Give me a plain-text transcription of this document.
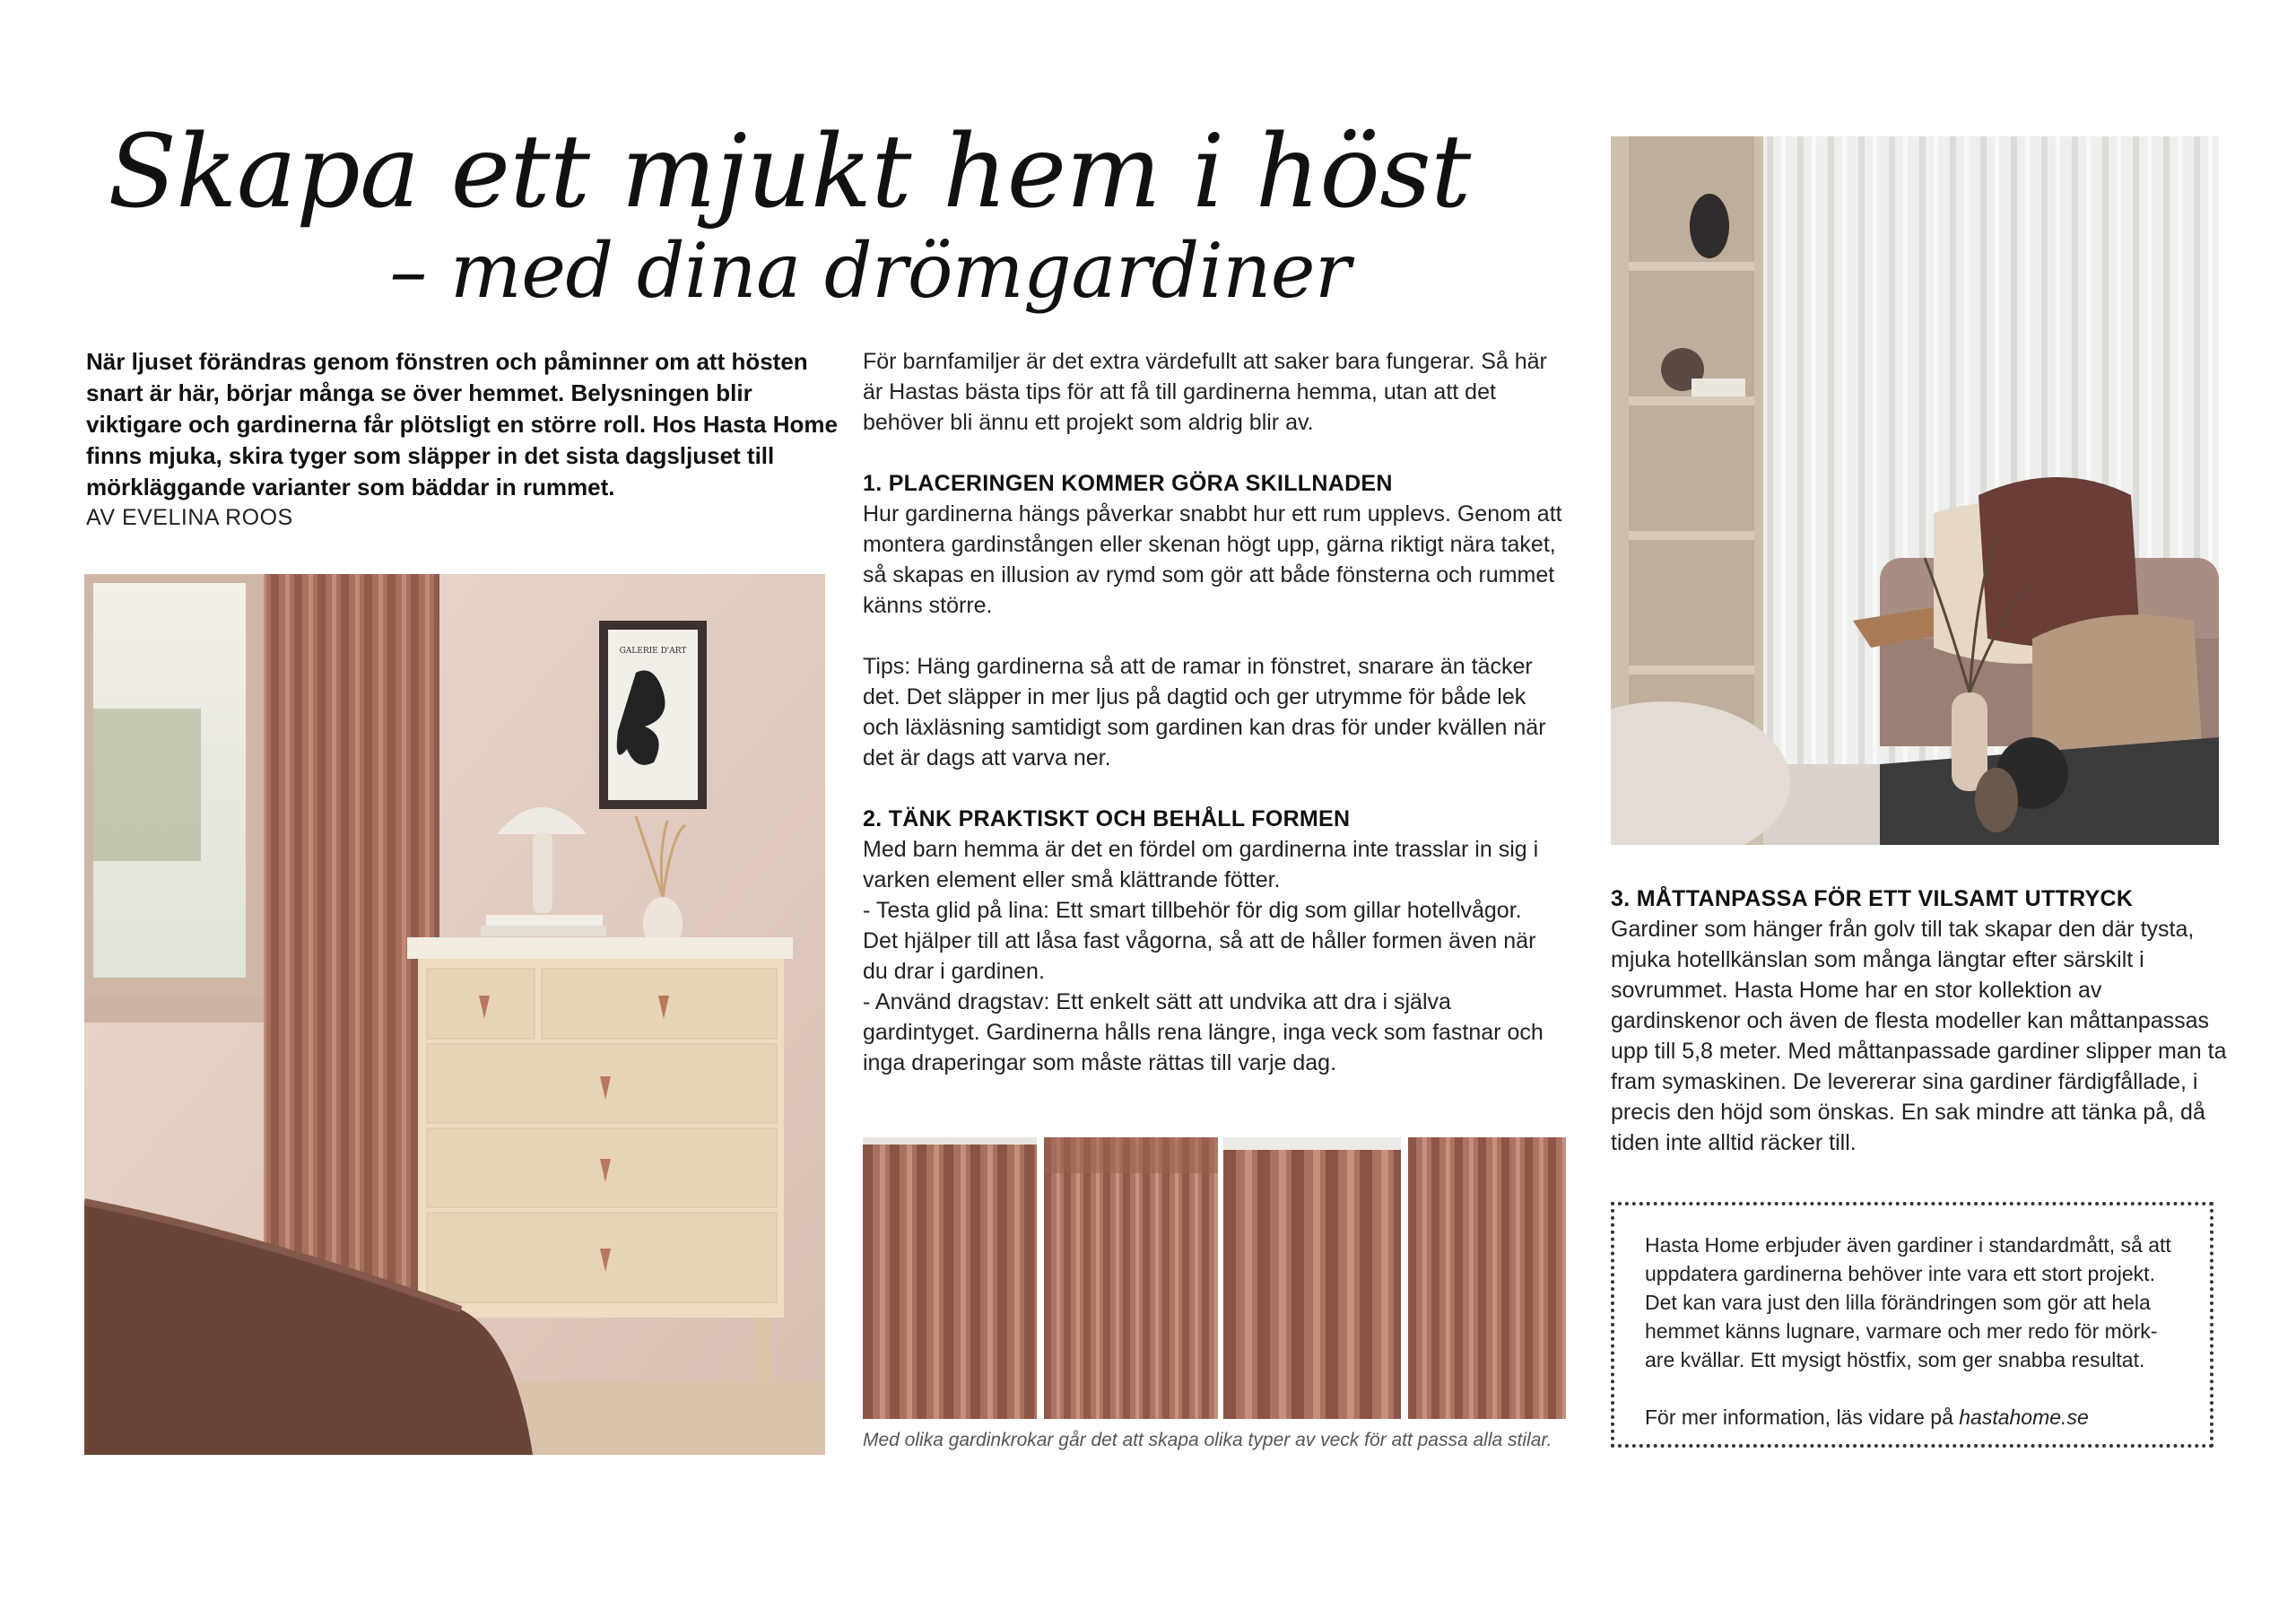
Skapa ett mjukt hem i höst
– med dina drömgardiner
När ljuset förändras genom fönstren och påminner om att hösten snart är här, börjar många se över hemmet. Belysningen blir viktigare och gardinerna får plötsligt en större roll. Hos Hasta Home finns mjuka, skira tyger som släpper in det sista dagsljuset till mörkläggande varianter som bäddar in rummet.
AV EVELINA ROOS
GALERIE D'ART

För barnfamiljer är det extra värdefullt att saker bara fungerar. Så här är Hastas bästa tips för att få till gardinerna hemma, utan att det behöver bli ännu ett projekt som aldrig blir av.

1. PLACERINGEN KOMMER GÖRA SKILLNADEN

Hur gardinerna hängs påverkar snabbt hur ett rum upplevs. Genom att montera gardinstången eller skenan högt upp, gärna riktigt nära taket, så skapas en illusion av rymd som gör att både fönsterna och rummet känns större.

Tips: Häng gardinerna så att de ramar in fönstret, snarare än täcker det. Det släpper in mer ljus på dagtid och ger utrymme för både lek och läxläsning samtidigt som gardinen kan dras för under kvällen när det är dags att varva ner.

2. TÄNK PRAKTISKT OCH BEHÅLL FORMEN

Med barn hemma är det en fördel om gardinerna inte trasslar in sig i varken element eller små klättrande fötter.

- Testa glid på lina: Ett smart tillbehör för dig som gillar hotellvågor. Det hjälper till att låsa fast vågorna, så att de håller formen även när du drar i gardinen.

- Använd dragstav: Ett enkelt sätt att undvika att dra i själva gardintyget. Gardinerna hålls rena längre, inga veck som fastnar och inga draperingar som måste rättas till varje dag.

Med olika gardinkrokar går det att skapa olika typer av veck för att passa alla stilar.

3. MÅTTANPASSA FÖR ETT VILSAMT UTTRYCK

Gardiner som hänger från golv till tak skapar den där tysta, mjuka hotellkänslan som många längtar efter särskilt i sovrummet. Hasta Home har en stor kollektion av gardinskenor och även de flesta modeller kan måttanpassas upp till 5,8 meter. Med måttanpassade gardiner slipper man ta fram symaskinen. De levererar sina gardiner färdigfållade, i precis den höjd som önskas. En sak mindre att tänka på, då tiden inte alltid räcker till.

Hasta Home erbjuder även gardiner i standardmått, så att uppdatera gardinerna behöver inte vara ett stort projekt. Det kan vara just den lilla förändringen som gör att hela hemmet känns lugnare, varmare och mer redo för mörk-are kvällar. Ett mysigt höstfix, som ger snabba resultat.

För mer information, läs vidare på hastahome.se
